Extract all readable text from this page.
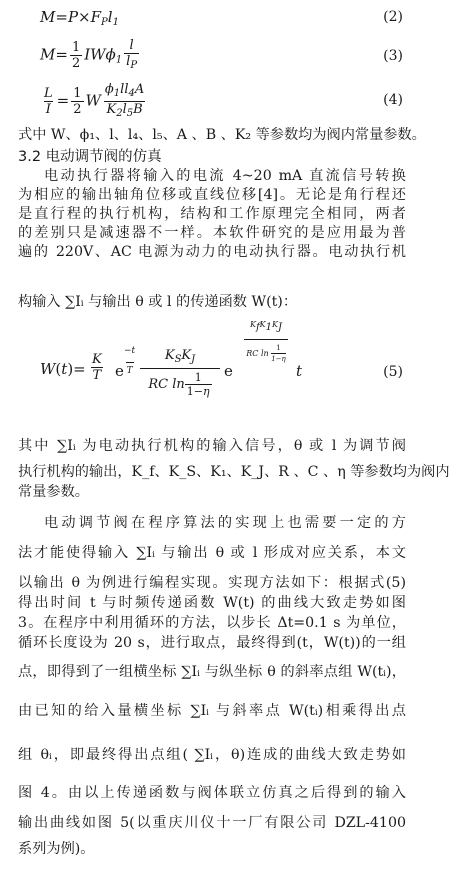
$M=P\times F_Pl_1$	(2)
$M= \frac{1}{2} IW\phi_1 \frac{l}{l_P}$	(3)
$\frac{L}{I} = \frac{1}{2}$ W $\frac{\phi_1ll_4A}{K_2l_5B}$	(4)
式中 W、ϕ₁、l、l₄、l₅、A 、B 、K₂ 等参数均为阀内常量参数。
3.2 电动调节阀的仿真
电动执行器将输入的电流 4~20 mA 直流信号转换
为相应的输出轴角位移或直线位移[4]。无论是角行程还
是直行程的执行机构，结构和工作原理完全相同，两者
的差别只是减速器不一样。本软件研究的是应用最为普
遍的 220V、AC 电源为动力的电动执行器。电动执行机
构输入 ∑Iᵢ 与输出 θ 或 l 的传递函数 W(t)：
$W(t)= \frac{K}{T}$ e
−t

T
$K_SK_J$
RC $\ln \frac{1}{1-\eta}$ e
KfK1KJ

RC $\ln \frac{1}{1-\eta}$
t	(5)
其中 ∑Iᵢ 为电动执行机构的输入信号，θ 或 l 为调节阀
执行机构的输出，K_f、K_S、K₁、K_J、R 、C 、η 等参数均为阀内
常量参数。
电动调节阀在程序算法的实现上也需要一定的方
法才能使得输入 ∑Iᵢ 与输出 θ 或 l 形成对应关系，本文
以输出 θ 为例进行编程实现。实现方法如下：根据式(5)
得出时间 t 与时频传递函数 W(t) 的曲线大致走势如图
3。在程序中利用循环的方法，以步长 Δt=0.1 s 为单位，
循环长度设为 20 s，进行取点，最终得到(t，W(t))的一组
点，即得到了一组横坐标 ∑Iᵢ 与纵坐标 θ 的斜率点组 W(tᵢ)，
由已知的给入量横坐标 ∑Iᵢ 与斜率点 W(tᵢ)相乘得出点
组 θᵢ，即最终得出点组( ∑Iᵢ，θ)连成的曲线大致走势如
图 4。由以上传递函数与阀体联立仿真之后得到的输入
输出曲线如图 5(以重庆川仪十一厂有限公司 DZL-4100
系列为例)。
